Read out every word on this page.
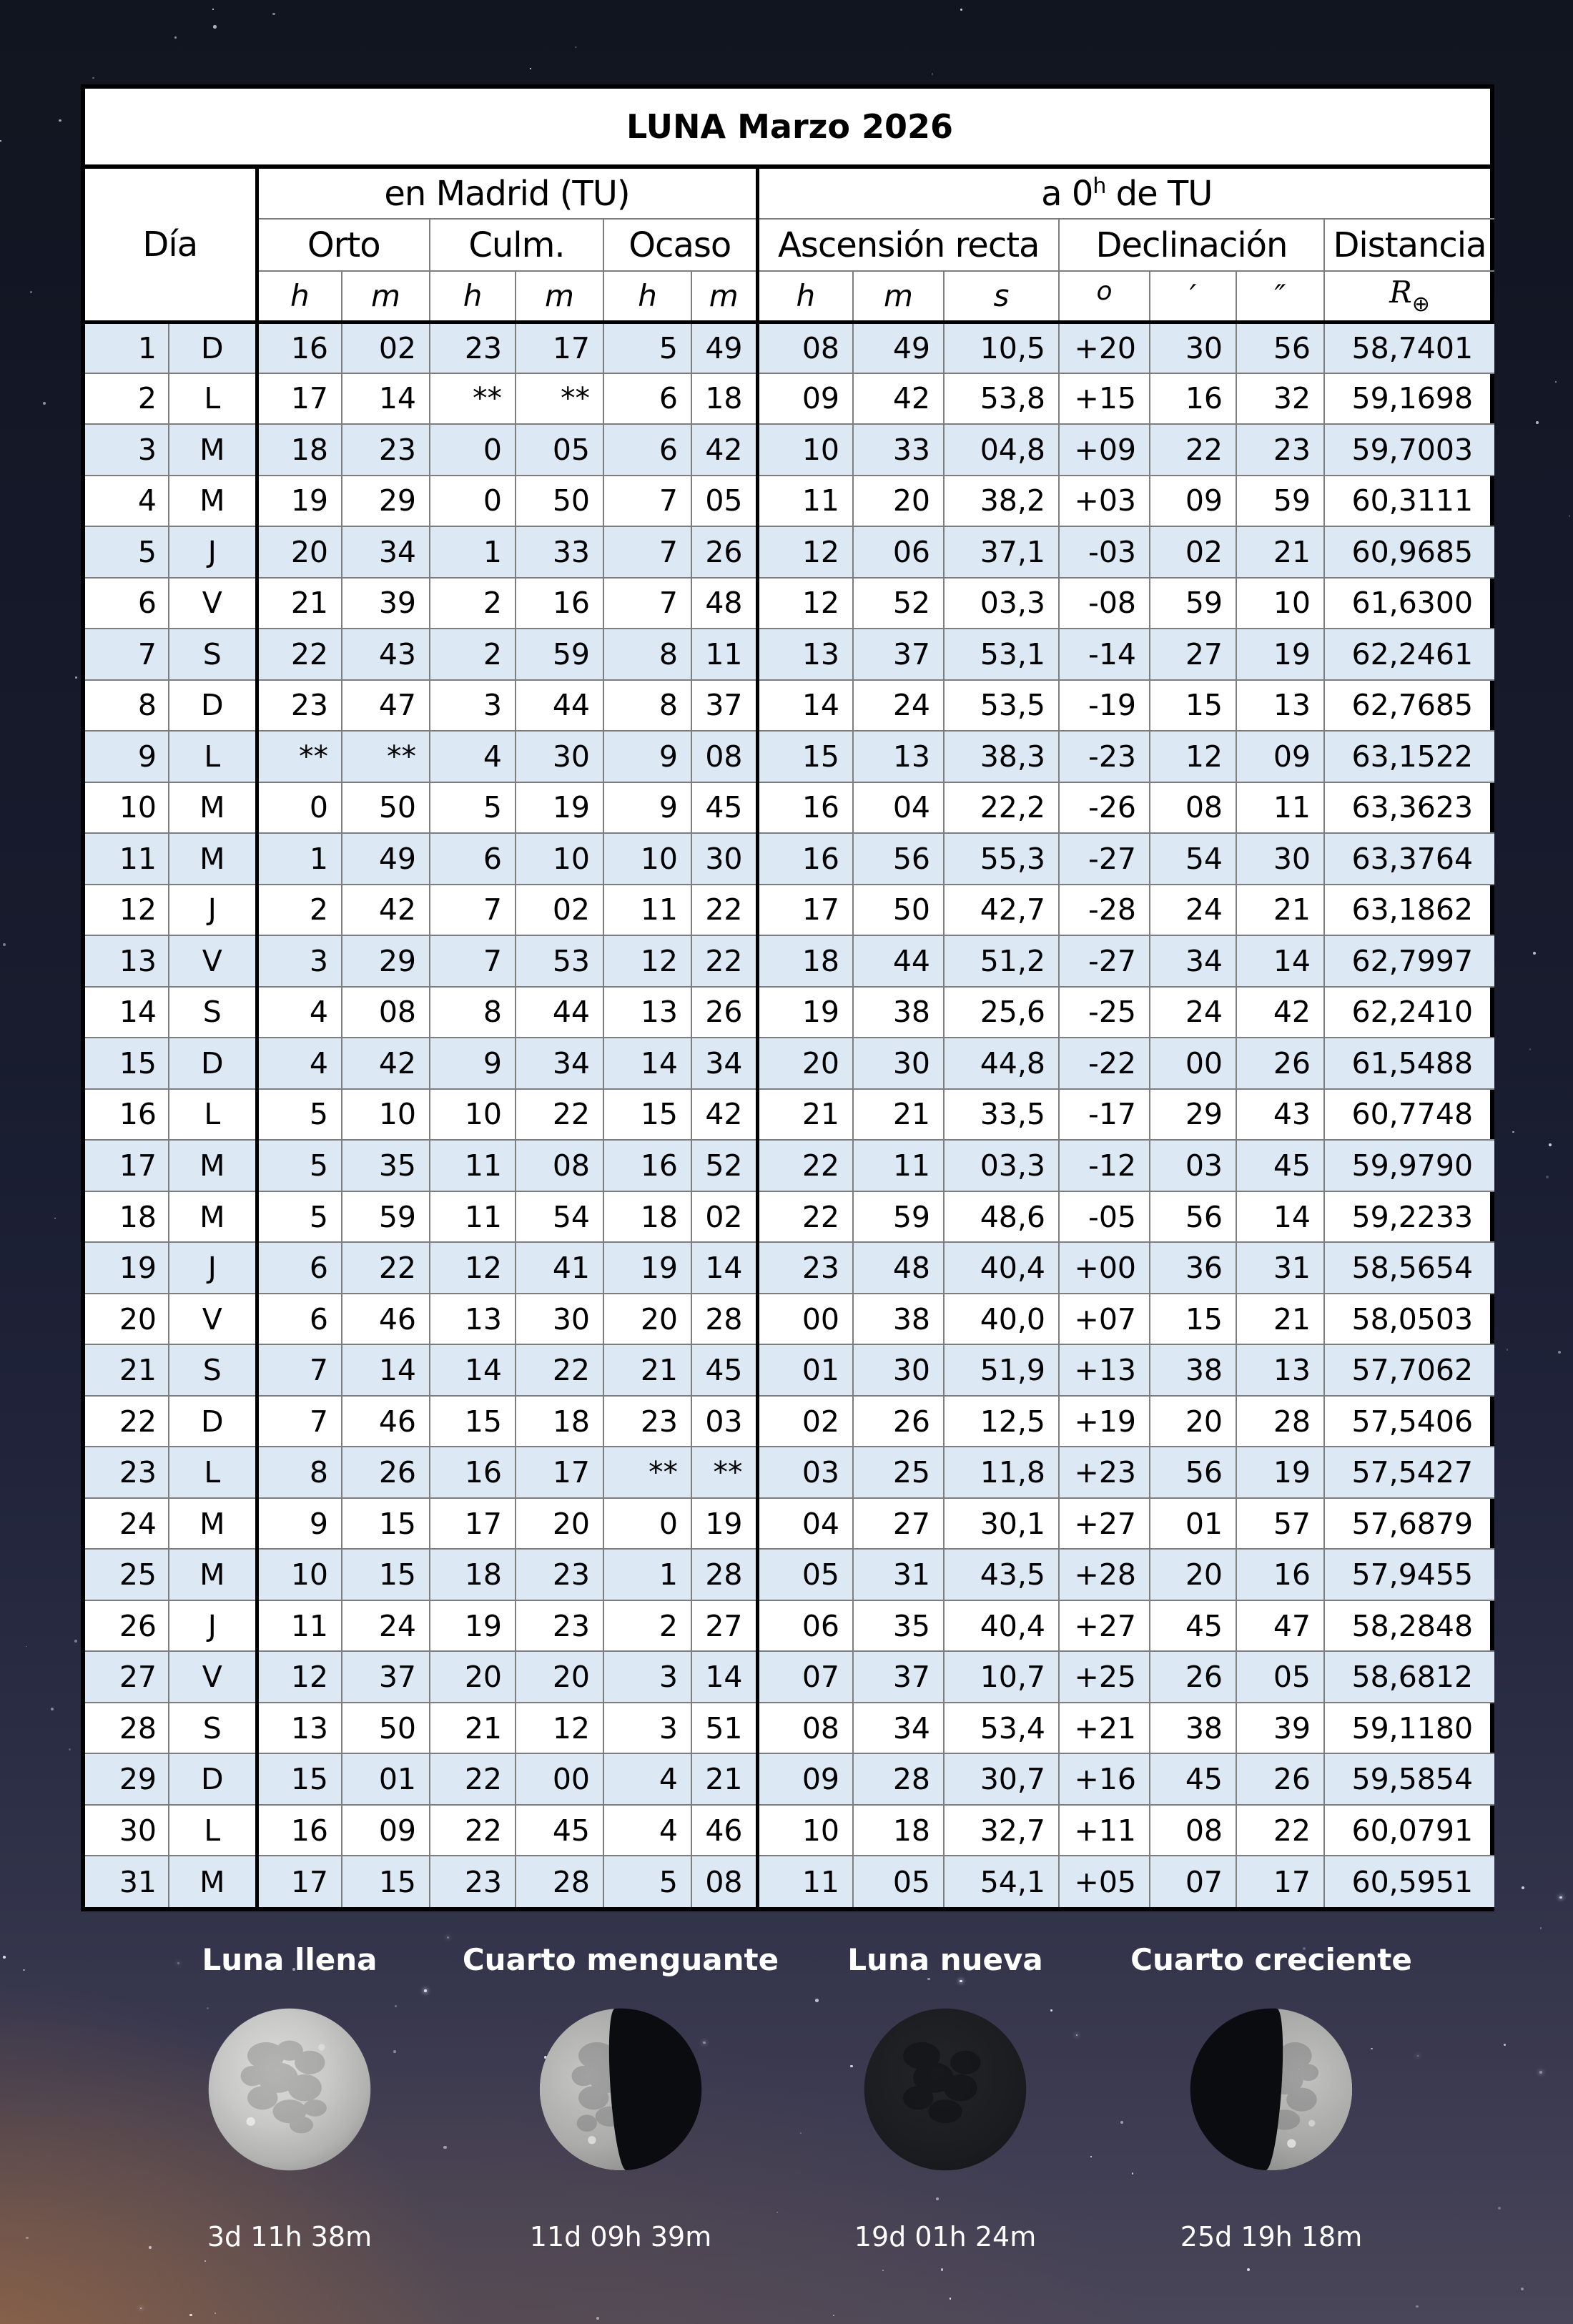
LUNA Marzo 2026														
Día		en Madrid (TU)						a 0$^h$ de TU						
		Orto		Culm.		Ocaso		Ascensión recta			Declinación			Distancia
		h	m	h	m	h	m	h	m	s	o	′	″	$R_\oplus$
1	D	16	02	23	17	5	49	08	49	10,5	+20	30	56	58,7401
2	L	17	14	**	**	6	18	09	42	53,8	+15	16	32	59,1698
3	M	18	23	0	05	6	42	10	33	04,8	+09	22	23	59,7003
4	M	19	29	0	50	7	05	11	20	38,2	+03	09	59	60,3111
5	J	20	34	1	33	7	26	12	06	37,1	-03	02	21	60,9685
6	V	21	39	2	16	7	48	12	52	03,3	-08	59	10	61,6300
7	S	22	43	2	59	8	11	13	37	53,1	-14	27	19	62,2461
8	D	23	47	3	44	8	37	14	24	53,5	-19	15	13	62,7685
9	L	**	**	4	30	9	08	15	13	38,3	-23	12	09	63,1522
10	M	0	50	5	19	9	45	16	04	22,2	-26	08	11	63,3623
11	M	1	49	6	10	10	30	16	56	55,3	-27	54	30	63,3764
12	J	2	42	7	02	11	22	17	50	42,7	-28	24	21	63,1862
13	V	3	29	7	53	12	22	18	44	51,2	-27	34	14	62,7997
14	S	4	08	8	44	13	26	19	38	25,6	-25	24	42	62,2410
15	D	4	42	9	34	14	34	20	30	44,8	-22	00	26	61,5488
16	L	5	10	10	22	15	42	21	21	33,5	-17	29	43	60,7748
17	M	5	35	11	08	16	52	22	11	03,3	-12	03	45	59,9790
18	M	5	59	11	54	18	02	22	59	48,6	-05	56	14	59,2233
19	J	6	22	12	41	19	14	23	48	40,4	+00	36	31	58,5654
20	V	6	46	13	30	20	28	00	38	40,0	+07	15	21	58,0503
21	S	7	14	14	22	21	45	01	30	51,9	+13	38	13	57,7062
22	D	7	46	15	18	23	03	02	26	12,5	+19	20	28	57,5406
23	L	8	26	16	17	**	**	03	25	11,8	+23	56	19	57,5427
24	M	9	15	17	20	0	19	04	27	30,1	+27	01	57	57,6879
25	M	10	15	18	23	1	28	05	31	43,5	+28	20	16	57,9455
26	J	11	24	19	23	2	27	06	35	40,4	+27	45	47	58,2848
27	V	12	37	20	20	3	14	07	37	10,7	+25	26	05	58,6812
28	S	13	50	21	12	3	51	08	34	53,4	+21	38	39	59,1180
29	D	15	01	22	00	4	21	09	28	30,7	+16	45	26	59,5854
30	L	16	09	22	45	4	46	10	18	32,7	+11	08	22	60,0791
31	M	17	15	23	28	5	08	11	05	54,1	+05	07	17	60,5951
Luna llena
3d 11h 38m
Cuarto menguante
11d 09h 39m
Luna nueva
19d 01h 24m
Cuarto creciente
25d 19h 18m
